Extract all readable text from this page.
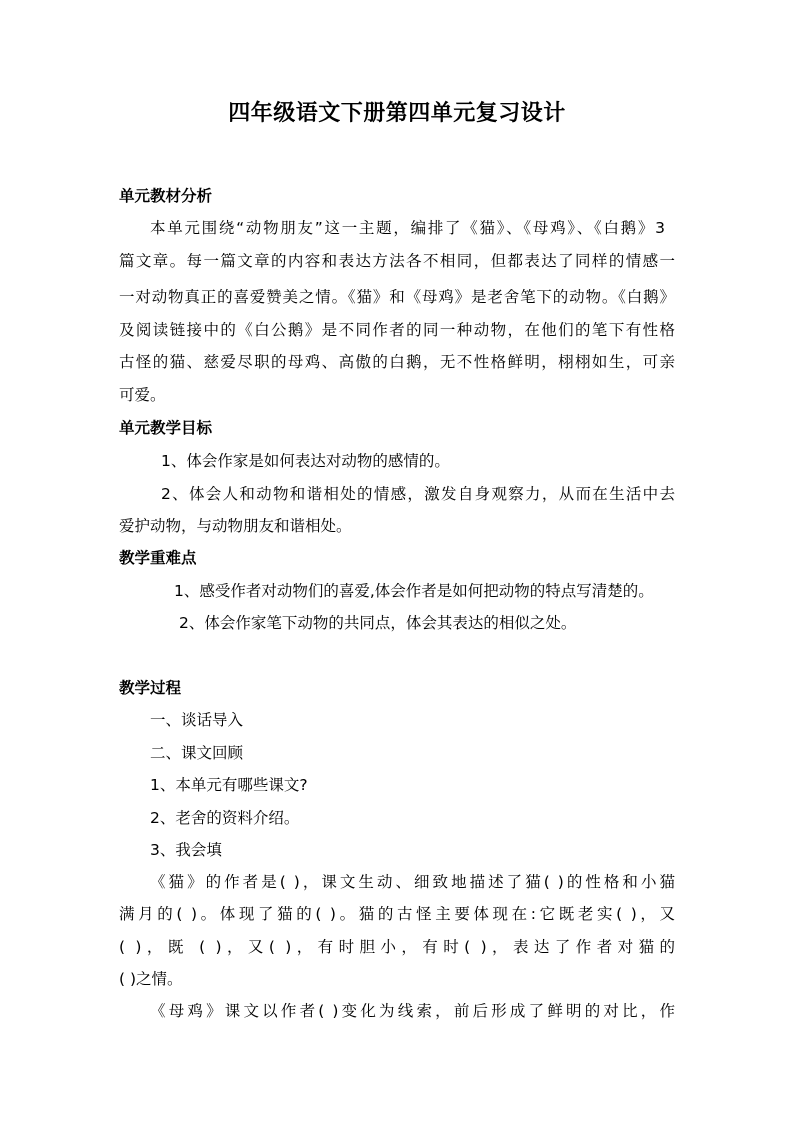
四年级语文下册第四单元复习设计
单元教材分析
本单元围绕“动物朋友”这一主题，编排了《猫》、《母鸡》、《白鹅》3
篇文章。每一篇文章的内容和表达方法各不相同，但都表达了同样的情感一
一对动物真正的喜爱赞美之情。《猫》和《母鸡》是老舍笔下的动物。《白鹅》
及阅读链接中的《白公鹅》是不同作者的同一种动物，在他们的笔下有性格
古怪的猫、慈爱尽职的母鸡、高傲的白鹅，无不性格鲜明，栩栩如生，可亲
可爱。
单元教学目标
1、体会作家是如何表达对动物的感情的。
2、体会人和动物和谐相处的情感，激发自身观察力，从而在生活中去
爱护动物，与动物朋友和谐相处。
教学重难点
1、感受作者对动物们的喜爱,体会作者是如何把动物的特点写清楚的。
2、体会作家笔下动物的共同点，体会其表达的相似之处。
教学过程
一、谈话导入
二、课文回顾
1、本单元有哪些课文?
2、老舍的资料介绍。
3、我会填
《猫》的作者是( )，课文生动、细致地描述了猫( )的性格和小猫
满月的( )。体现了猫的( )。猫的古怪主要体现在:它既老实( )，又
( )，既 ( )，又( )，有时胆小，有时( )，表达了作者对猫的
( )之情。
《母鸡》课文以作者( )变化为线索，前后形成了鲜明的对比，作
